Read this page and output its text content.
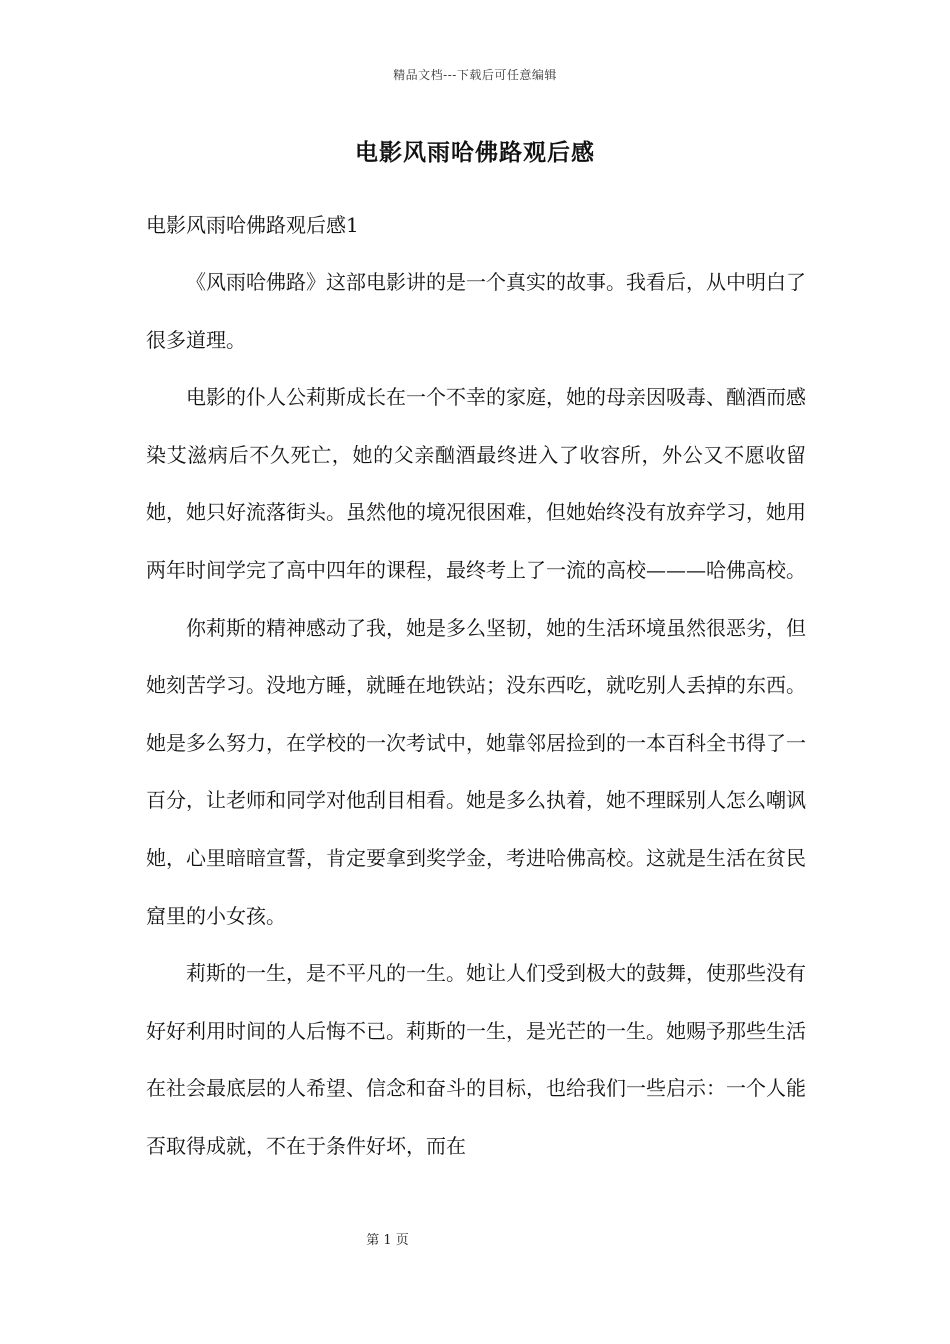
精品文档---下载后可任意编辑
电影风雨哈佛路观后感
电影风雨哈佛路观后感1

《风雨哈佛路》这部电影讲的是一个真实的故事。我看后，从中明白了很多道理。

电影的仆人公莉斯成长在一个不幸的家庭，她的母亲因吸毒、酗酒而感染艾滋病后不久死亡，她的父亲酗酒最终进入了收容所，外公又不愿收留她，她只好流落街头。虽然他的境况很困难，但她始终没有放弃学习，她用两年时间学完了高中四年的课程，最终考上了一流的高校———哈佛高校。

你莉斯的精神感动了我，她是多么坚韧，她的生活环境虽然很恶劣，但她刻苦学习。没地方睡，就睡在地铁站；没东西吃，就吃别人丢掉的东西。她是多么努力，在学校的一次考试中，她靠邻居捡到的一本百科全书得了一百分，让老师和同学对他刮目相看。她是多么执着，她不理睬别人怎么嘲讽她，心里暗暗宣誓，肯定要拿到奖学金，考进哈佛高校。这就是生活在贫民窟里的小女孩。

莉斯的一生，是不平凡的一生。她让人们受到极大的鼓舞，使那些没有好好利用时间的人后悔不已。莉斯的一生，是光芒的一生。她赐予那些生活在社会最底层的人希望、信念和奋斗的目标，也给我们一些启示：一个人能否取得成就，不在于条件好坏，而在

第 1 页
